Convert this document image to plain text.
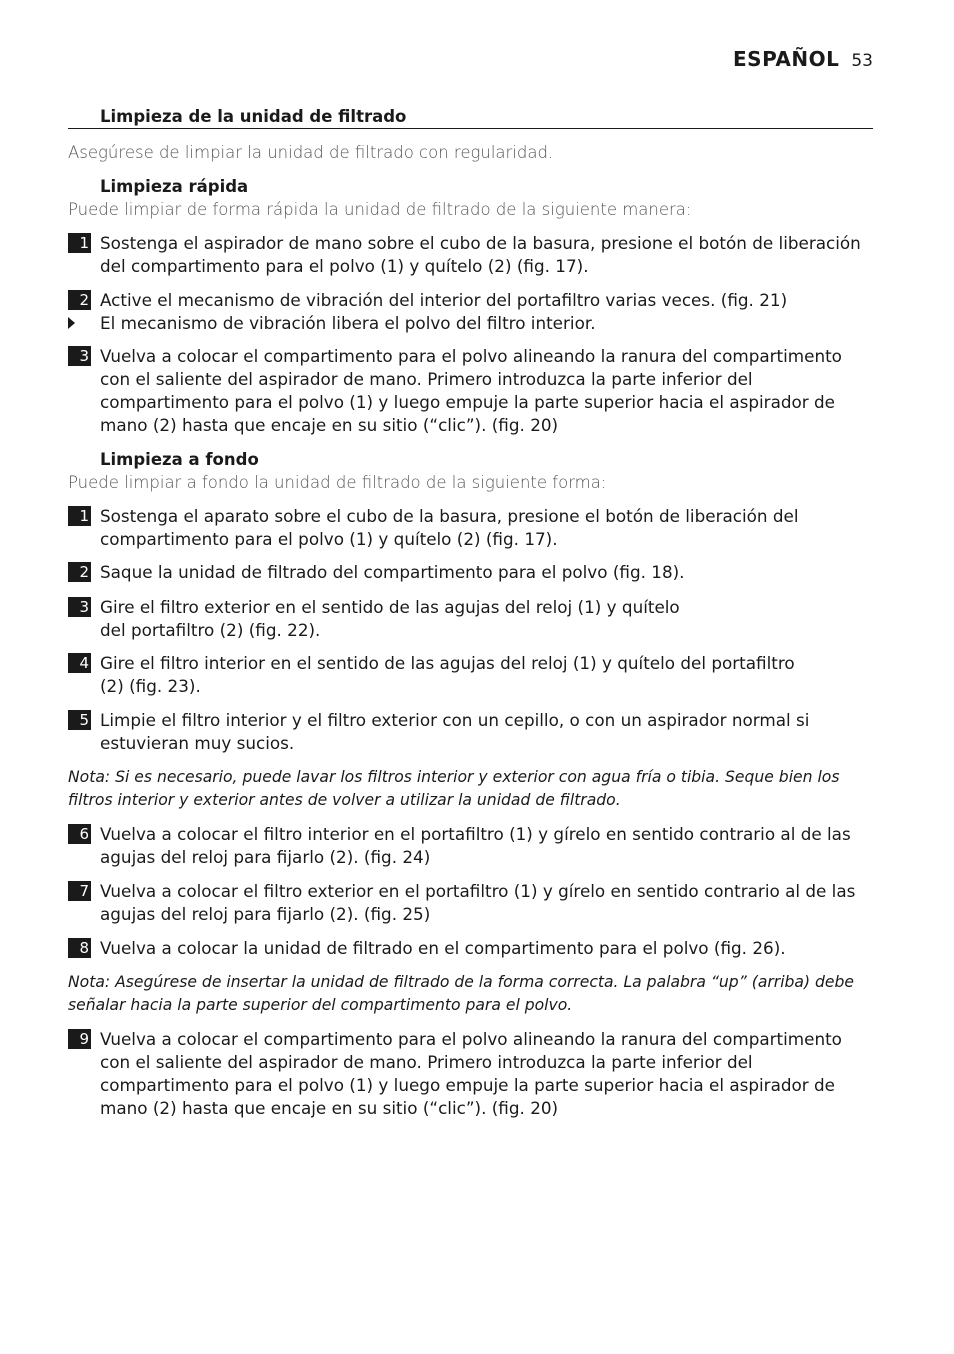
ESPAÑOL 53
Limpieza de la unidad de filtrado
Asegúrese de limpiar la unidad de filtrado con regularidad.
Limpieza rápida
Puede limpiar de forma rápida la unidad de filtrado de la siguiente manera:
1 Sostenga el aspirador de mano sobre el cubo de la basura, presione el botón de liberación del compartimento para el polvo (1) y quítelo (2) (fig. 17).
2 Active el mecanismo de vibración del interior del portafiltro varias veces. (fig. 21)
El mecanismo de vibración libera el polvo del filtro interior.
3 Vuelva a colocar el compartimento para el polvo alineando la ranura del compartimento con el saliente del aspirador de mano. Primero introduzca la parte inferior del compartimento para el polvo (1) y luego empuje la parte superior hacia el aspirador de mano (2) hasta que encaje en su sitio (“clic”). (fig. 20)
Limpieza a fondo
Puede limpiar a fondo la unidad de filtrado de la siguiente forma:
1 Sostenga el aparato sobre el cubo de la basura, presione el botón de liberación del compartimento para el polvo (1) y quítelo (2) (fig. 17).
2 Saque la unidad de filtrado del compartimento para el polvo (fig. 18).
3 Gire el filtro exterior en el sentido de las agujas del reloj (1) y quítelo del portafiltro (2) (fig. 22).
4 Gire el filtro interior en el sentido de las agujas del reloj (1) y quítelo del portafiltro (2) (fig. 23).
5 Limpie el filtro interior y el filtro exterior con un cepillo, o con un aspirador normal si estuvieran muy sucios.
Nota: Si es necesario, puede lavar los filtros interior y exterior con agua fría o tibia. Seque bien los filtros interior y exterior antes de volver a utilizar la unidad de filtrado.
6 Vuelva a colocar el filtro interior en el portafiltro (1) y gírelo en sentido contrario al de las agujas del reloj para fijarlo (2). (fig. 24)
7 Vuelva a colocar el filtro exterior en el portafiltro (1) y gírelo en sentido contrario al de las agujas del reloj para fijarlo (2). (fig. 25)
8 Vuelva a colocar la unidad de filtrado en el compartimento para el polvo (fig. 26).
Nota: Asegúrese de insertar la unidad de filtrado de la forma correcta. La palabra “up” (arriba) debe señalar hacia la parte superior del compartimento para el polvo.
9 Vuelva a colocar el compartimento para el polvo alineando la ranura del compartimento con el saliente del aspirador de mano. Primero introduzca la parte inferior del compartimento para el polvo (1) y luego empuje la parte superior hacia el aspirador de mano (2) hasta que encaje en su sitio (“clic”). (fig. 20)
